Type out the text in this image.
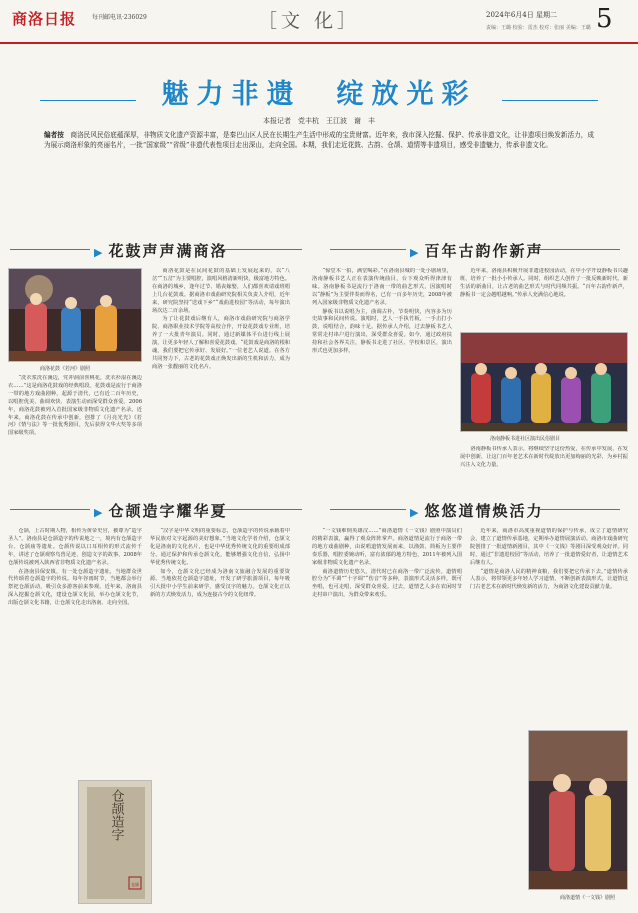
商洛日报	每刊邮电讯·236029	［文 化］	2024年6月4日 星期二
责编：王璐 校验：雷杰 校对：张丽 美编：王璐 5
魅力非遗　绽放光彩
本报记者　党丰杭　王江波　谢　丰
编者按　商洛民风民俗底蕴深厚，非物质文化遗产资源丰富，是秦巴山区人民在长期生产生活中形成的宝贵财富。近年来，我市深入挖掘、保护、传承非遗文化，让非遗项目焕发新活力，成为展示商洛形象的亮丽名片，一批“国家级”“省级”非遗代表性项目走出深山，走向全国。本期，我们走近花鼓、古韵、仓颉、道情等非遗项目，感受非遗魅力，传承非遗文化。
▶ 花鼓声声满商洛
商洛花鼓《若河》剧照

“洗衣浆洗在溪边，党冲洞前喜桃花，洗衣衫湿在溪边衣……”这是商洛花鼓戏的经典唱段。花鼓戏是流行于商洛一带的地方戏曲剧种，起源于清代，已有近二百年历史，以唱腔优美、曲调欢快、表演生动而深受群众喜爱。2006年，商洛花鼓被列入首批国家级非物质文化遗产名录。近年来，商洛花鼓在传承中创新，创排了《月亮光光》《若河》《情与法》等一批优秀剧目，先后获得文华大奖等多项国家级奖项。

商洛花鼓是在民间花鼓的基础上发展起来的，以“八岔”“五岔”为主要唱腔，演唱风格清新明快，极富地方特色。在商洛的城乡，逢年过节、婚丧嫁娶，人们都喜欢请戏班唱上几台花鼓戏。据商洛市戏曲研究院相关负责人介绍，近年来，研究院坚持“送戏下乡”“戏曲进校园”等活动，每年演出场次达二百余场。

为了让花鼓戏后继有人，商洛市戏曲研究院与商洛学院、商洛职业技术学院等高校合作，开设花鼓戏专业班，培养了一大批青年演员。同时，通过新媒体平台进行线上展演，让更多年轻人了解和喜爱花鼓戏。“花鼓戏是商洛的根和魂，我们要把它传承好、发展好。”一位老艺人说道。在各方共同努力下，古老的花鼓戏正焕发出新的生机和活力，成为商洛一张靓丽的文化名片。

▶ 百年古韵作新声

“惊堂木一拍，满堂喝彩。”在洛南县城的一处小剧场里，洛南静板书艺人正在表演传统曲目，台下观众听得津津有味。洛南静板书是流行于洛南一带的曲艺形式，因演唱时以“静板”为主要伴奏而得名，已有一百多年历史，2008年被列入国家级非物质文化遗产名录。

静板书以说唱为主，曲调古朴，节奏明快，内容多为历史故事和民间传说。演唱时，艺人一手执竹板，一手击打小鼓，说唱结合，韵味十足。据传承人介绍，过去静板书艺人常常走村串户进行演出，深受群众喜爱。如今，通过政府扶持和社会各界关注，静板书走进了社区、学校和景区，演出形式也更加多样。

近年来，洛南县积极开展非遗进校园活动，在中小学开设静板书兴趣班，培养了一批小小传承人。同时，组织艺人创作了一批反映新时代、新生活的新曲目，让古老的曲艺形式与时代同频共振。“百年古韵作新声，静板书一定会越唱越响。”传承人充满信心地说。

洛南静板书进社区演出民俗剧目

洛南静板书传承人表示，将继续坚守这份热爱，在传承中发展，在发展中创新，让这门百年老艺术在新时代绽放出更加绚丽的光彩，为乡村振兴注入文化力量。

▶ 仓颉造字耀华夏

仓颉，上古时期人物，相传为黄帝史官，被尊为“造字圣人”。洛南县是仓颉造字的传说地之一，境内有仓颉造字台、仓颉庙等遗址。仓颉传说以口耳相传的形式流传千年，讲述了仓颉观察鸟兽足迹、创造文字的故事，2008年仓颉传说被列入陕西省非物质文化遗产名录。

在洛南县保安镇，有一处仓颉造字遗址，当地群众世代传颂着仓颉造字的传说。每年谷雨时节，当地都会举行祭祀仓颉活动，吸引众多游客前来参观。近年来，洛南县深入挖掘仓颉文化，建设仓颉文化园，举办仓颉文化节，出版仓颉文化书籍，让仓颉文化走出洛南、走向全国。

“汉字是中华文明的重要标志，仓颉造字的传说承载着中华民族对文字起源的美好想象。”当地文化学者介绍，仓颉文化是洛南的文化名片，也是中华优秀传统文化的重要组成部分。通过保护和传承仓颉文化，能够增强文化自信，弘扬中华优秀传统文化。

如今，仓颉文化已经成为洛南文旅融合发展的重要资源。当地依托仓颉造字遗址，开发了研学旅游项目，每年吸引大批中小学生前来研学，感受汉字的魅力。仓颉文化正以新的方式焕发活力，成为连接古今的文化纽带。

仓颉造字
仓颉
▶ 悠悠道情焕活力

“一文钱难倒英雄汉……”商洛道情《一文钱》剧照中演员们的精彩表演，赢得了观众阵阵掌声。商洛道情是流行于商洛一带的地方戏曲剧种，由说唱道情发展而来，以渔鼓、简板为主要伴奏乐器，唱腔委婉动听，富有浓郁的地方特色，2011年被列入国家级非物质文化遗产名录。

商洛道情历史悠久，清代时已在商洛一带广泛流传。道情唱腔分为“平调”“十字调”“伤音”等多种，表演形式灵活多样，既可坐唱，也可走唱，深受群众喜爱。过去，道情艺人多在农闲时节走村串户演出，为群众带来欢乐。

近年来，商洛市高度重视道情的保护与传承，成立了道情研究会，建立了道情传承基地，定期举办道情展演活动。商洛市戏曲研究院创排了一批道情新剧目，其中《一文钱》等剧目深受观众好评。同时，通过“非遗进校园”等活动，培养了一批道情爱好者，让道情艺术后继有人。

“道情是商洛人民的精神食粮，我们要把它传承下去。”道情传承人表示，将带领更多年轻人学习道情，不断创新表演形式，让道情这门古老艺术在新时代焕发新的活力，为商洛文化建设贡献力量。

商洛道情《一文钱》剧照
